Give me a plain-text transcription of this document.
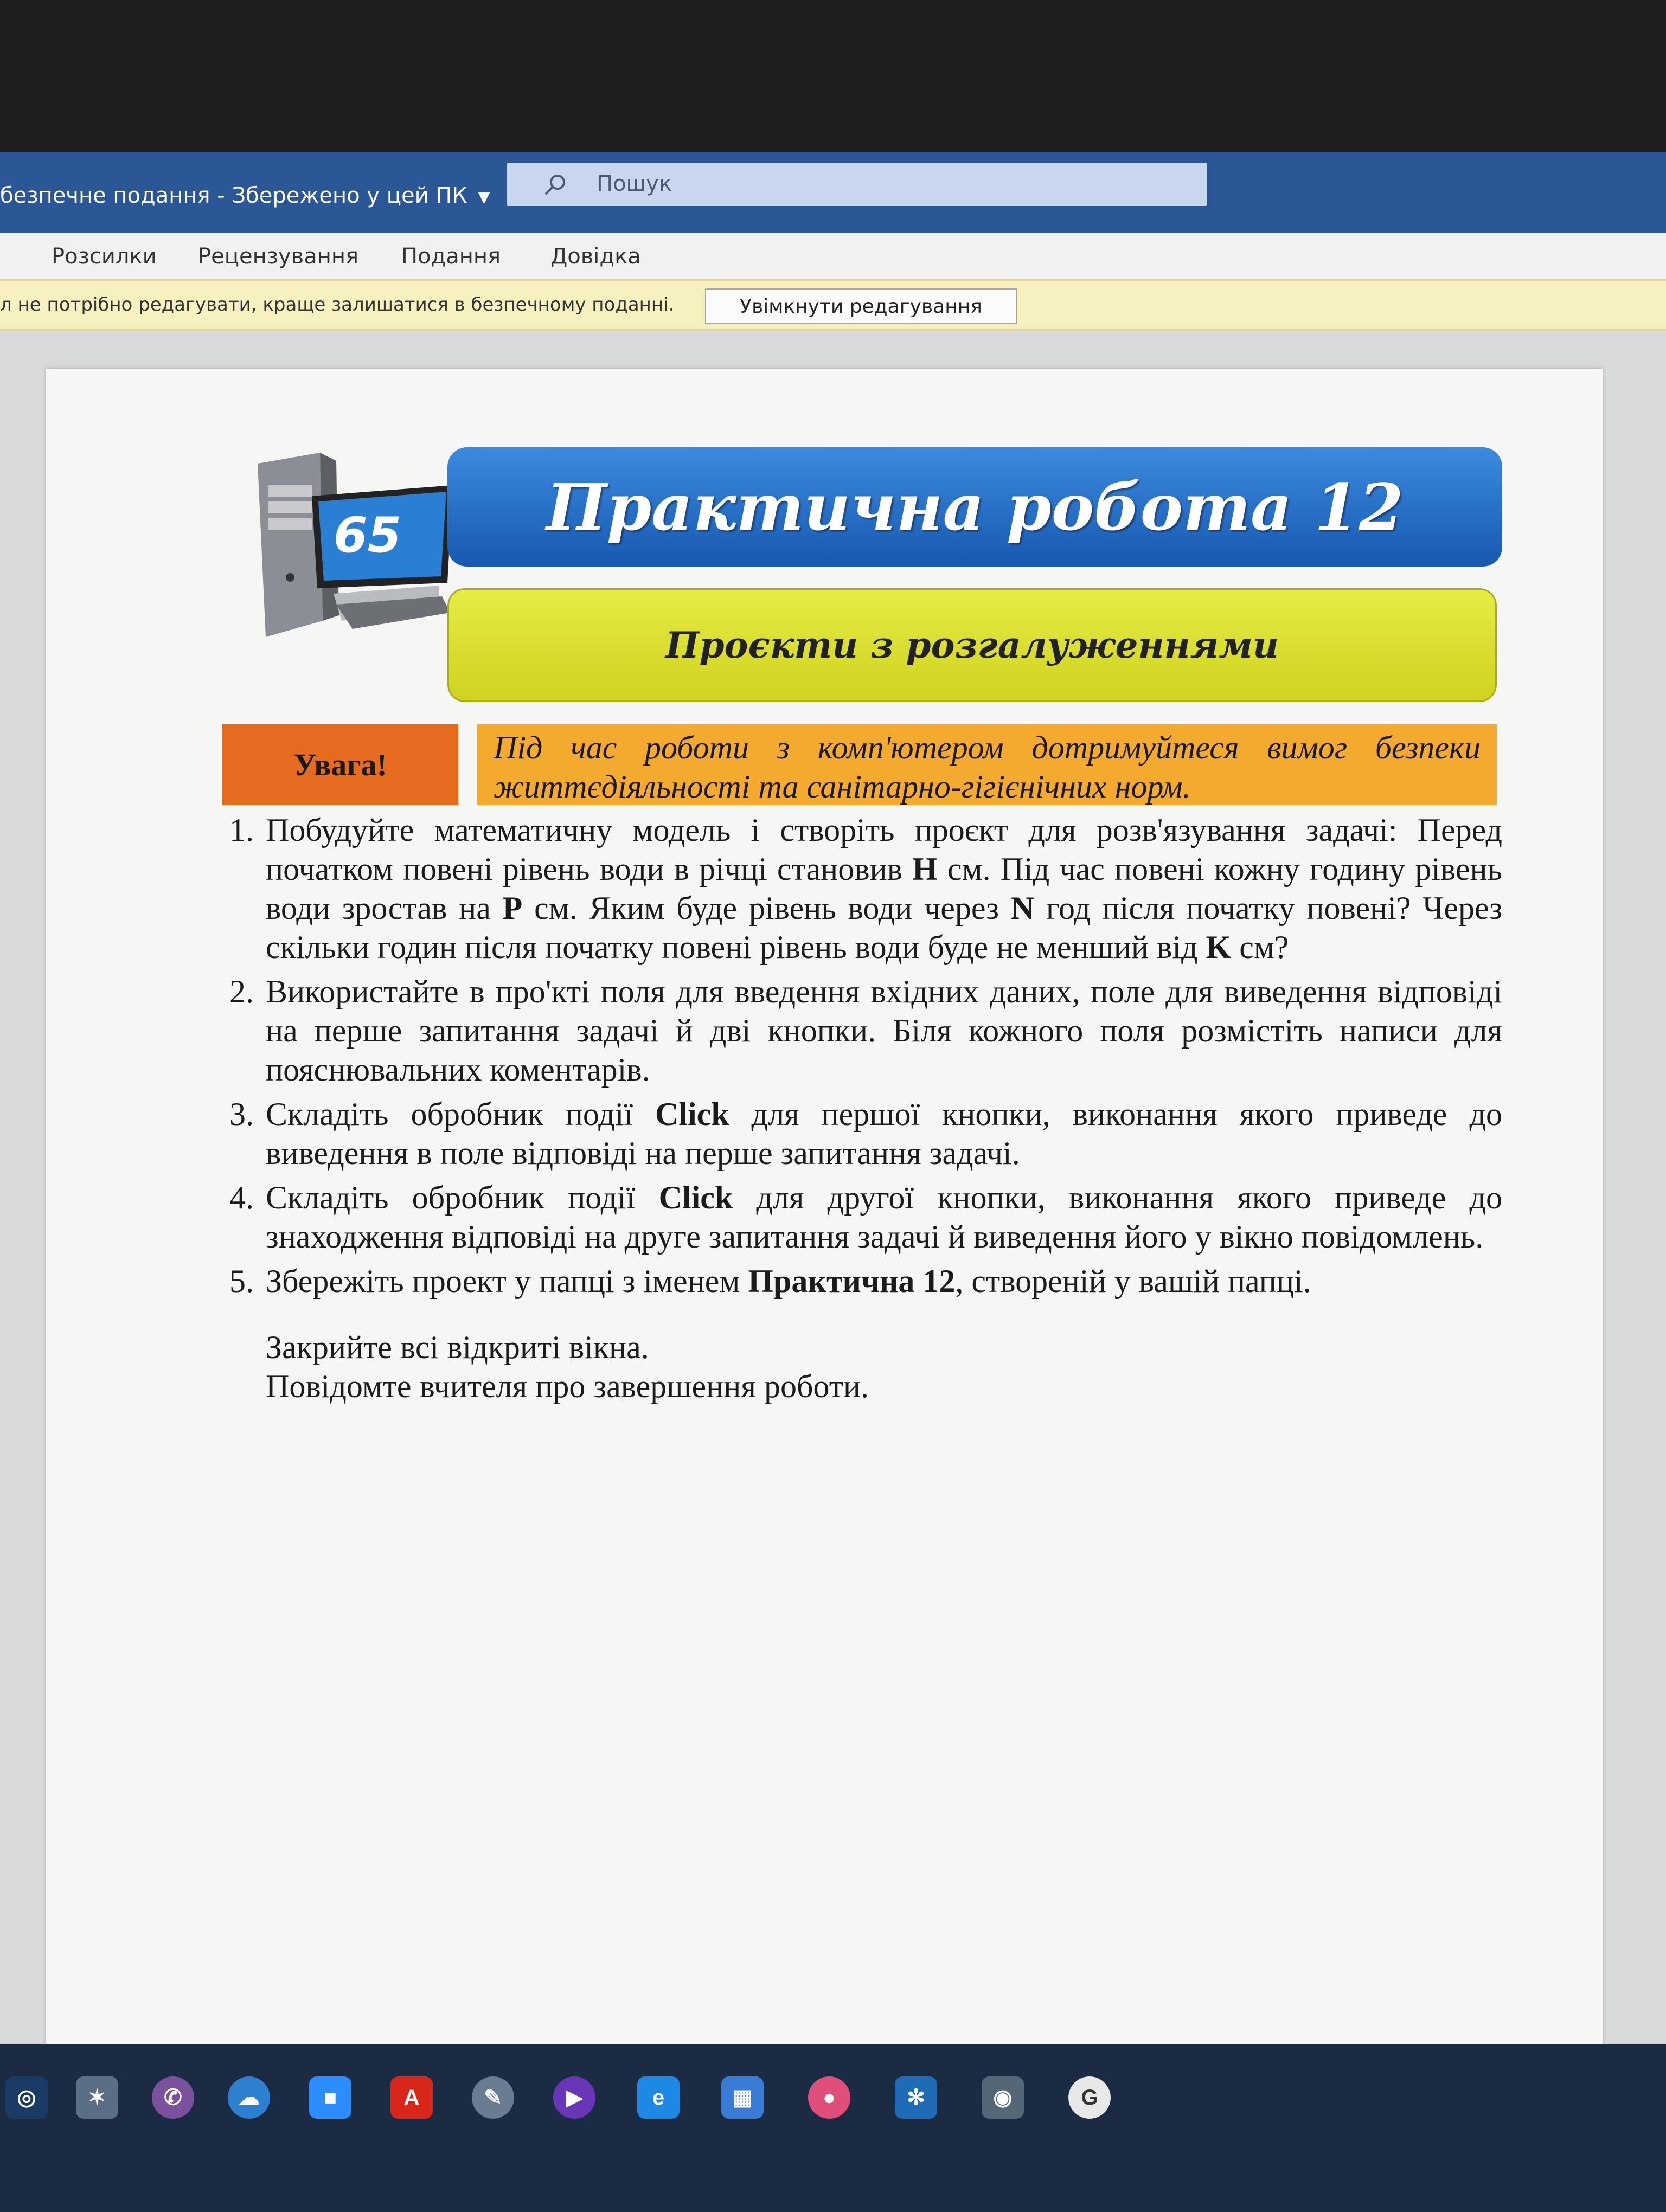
безпечне подання - Збережено у цей ПК ▼
Пошук
Розсилки Рецензування Подання Довідка
л не потрібно редагувати, краще залишатися в безпечному поданні.	Увімкнути редагування
65	Практична робота 12
Проєкти з розгалуженнями
Увага!	Під час роботи з комп'ютером дотримуйтеся вимог безпеки життєдіяльності та санітарно-гігієнічних норм.
1. Побудуйте математичну модель і створіть проєкт для розв'язування задачі: Перед початком повені рівень води в річці становив H см. Під час повені кожну годину рівень води зростав на P см. Яким буде рівень води через N год після початку повені? Через скільки годин після початку повені рівень води буде не менший від K см?
2. Використайте в про'кті поля для введення вхідних даних, поле для виведення відповіді на перше запитання задачі й дві кнопки. Біля кожного поля розмістіть написи для пояснювальних коментарів.
3. Складіть обробник події Click для першої кнопки, виконання якого приведе до виведення в поле відповіді на перше запитання задачі.
4. Складіть обробник події Click для другої кнопки, виконання якого приведе до знаходження відповіді на друге запитання задачі й виведення його у вікно повідомлень.
5. Збережіть проект у папці з іменем Практична 12, створеній у вашій папці.
Закрийте всі відкриті вікна.
Повідомте вчителя про завершення роботи.
◎	✶	✆	☁	■	A	✎	▶	e	▦	●	✻	◉	G
